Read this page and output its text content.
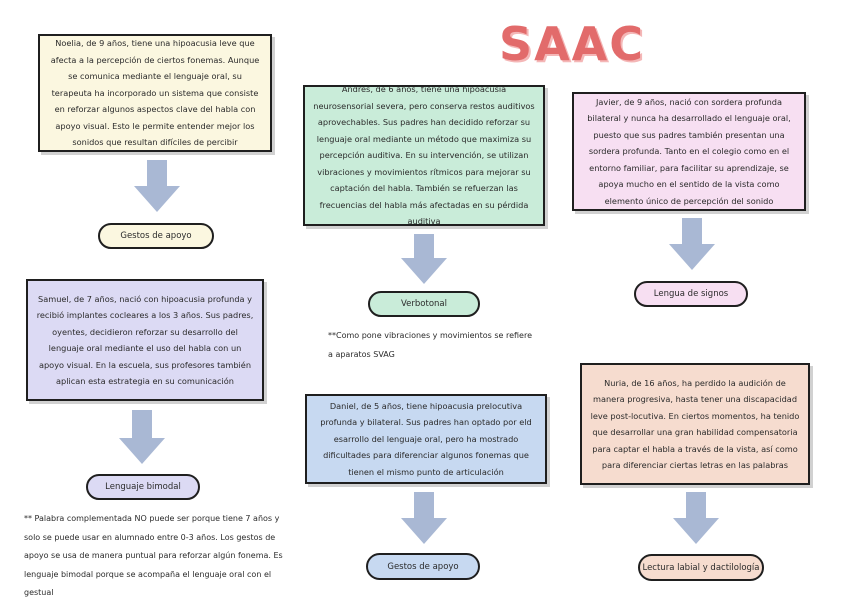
SAAC
Noelia, de 9 años, tiene una hipoacusia leve que afecta a la percepción de ciertos fonemas. Aunque se comunica mediante el lenguaje oral, su terapeuta ha incorporado un sistema que consiste en reforzar algunos aspectos clave del habla con apoyo visual. Esto le permite entender mejor los sonidos que resultan difíciles de percibir
Gestos de apoyo
Andrés, de 6 años, tiene una hipoacusia neurosensorial severa, pero conserva restos auditivos aprovechables. Sus padres han decidido reforzar su lenguaje oral mediante un método que maximiza su percepción auditiva. En su intervención, se utilizan vibraciones y movimientos rítmicos para mejorar su captación del habla. También se refuerzan las frecuencias del habla más afectadas en su pérdida auditiva
Verbotonal
**Como pone vibraciones y movimientos se refiere a aparatos SVAG
Javier, de 9 años, nació con sordera profunda bilateral y nunca ha desarrollado el lenguaje oral, puesto que sus padres también presentan una sordera profunda. Tanto en el colegio como en el entorno familiar, para facilitar su aprendizaje, se apoya mucho en el sentido de la vista como elemento único de percepción del sonido
Lengua de signos
Samuel, de 7 años, nació con hipoacusia profunda y recibió implantes cocleares a los 3 años. Sus padres, oyentes, decidieron reforzar su desarrollo del lenguaje oral mediante el uso del habla con un apoyo visual. En la escuela, sus profesores también aplican esta estrategia en su comunicación
Lenguaje bimodal
** Palabra complementada NO puede ser porque tiene 7 años y solo se puede usar en alumnado entre 0-3 años. Los gestos de apoyo se usa de manera puntual para reforzar algún fonema. Es lenguaje bimodal porque se acompaña el lenguaje oral con el gestual
Daniel, de 5 años, tiene hipoacusia prelocutiva profunda y bilateral. Sus padres han optado por eld esarrollo del lenguaje oral, pero ha mostrado dificultades para diferenciar algunos fonemas que tienen el mismo punto de articulación
Gestos de apoyo
Nuria, de 16 años, ha perdido la audición de manera progresiva, hasta tener una discapacidad leve post-locutiva. En ciertos momentos, ha tenido que desarrollar una gran habilidad compensatoria para captar el habla a través de la vista, así como para diferenciar ciertas letras en las palabras
Lectura labial y dactilología
